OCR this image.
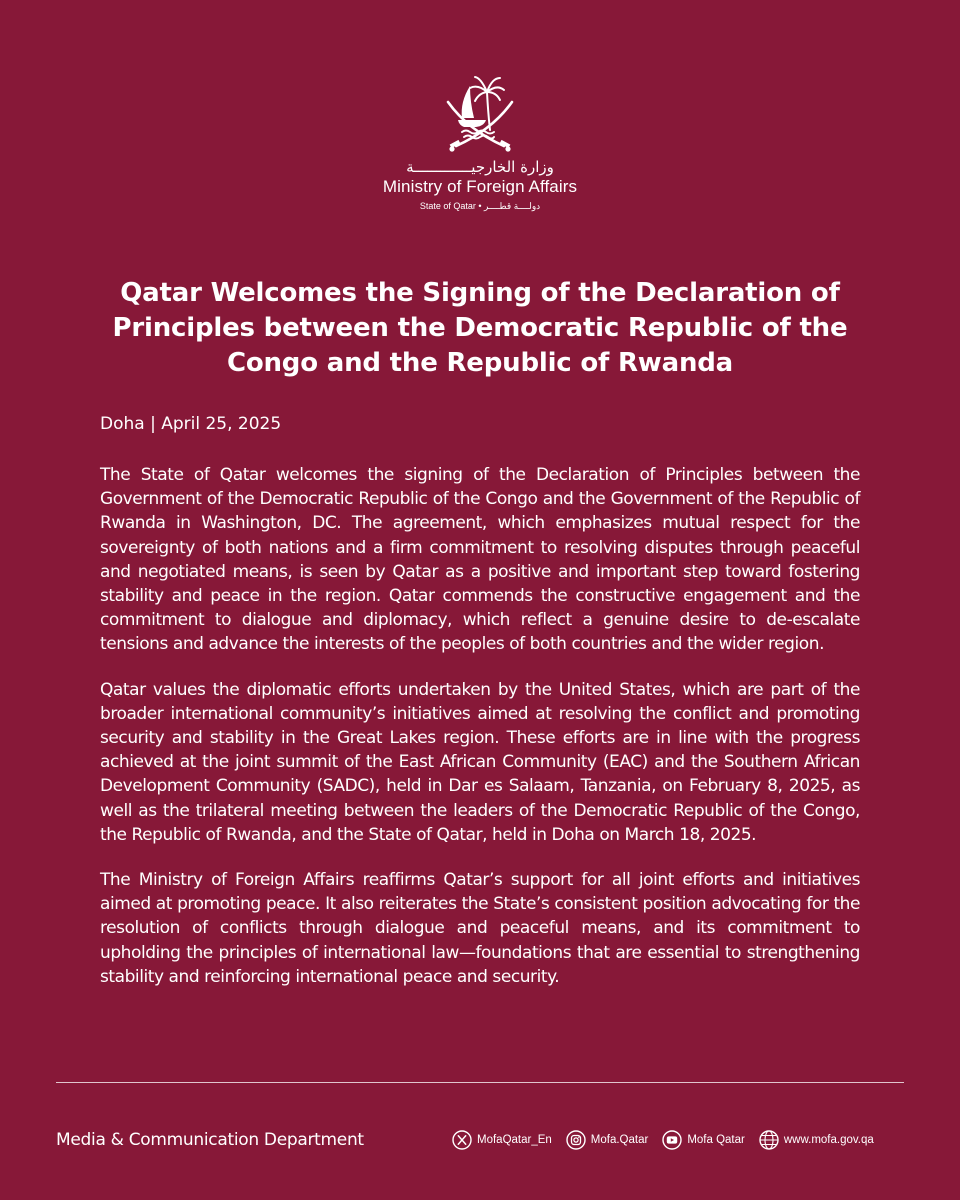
وزارة الخارجيـــــــــــــة
Ministry of Foreign Affairs
State of Qatar • دولــــة قطــــر
Qatar Welcomes the Signing of the Declaration of Principles between the Democratic Republic of the Congo and the Republic of Rwanda
Doha | April 25, 2025

The State of Qatar welcomes the signing of the Declaration of Principles between the Government of the Democratic Republic of the Congo and the Government of the Republic of Rwanda in Washington, DC. The agreement, which emphasizes mutual respect for the sovereignty of both nations and a firm commitment to resolving disputes through peaceful and negotiated means, is seen by Qatar as a positive and important step toward fostering stability and peace in the region. Qatar commends the constructive engagement and the commitment to dialogue and diplomacy, which reflect a genuine desire to de-escalate tensions and advance the interests of the peoples of both countries and the wider region.

Qatar values the diplomatic efforts undertaken by the United States, which are part of the broader international community’s initiatives aimed at resolving the conflict and promoting security and stability in the Great Lakes region. These efforts are in line with the progress achieved at the joint summit of the East African Community (EAC) and the Southern African Development Community (SADC), held in Dar es Salaam, Tanzania, on February 8, 2025, as well as the trilateral meeting between the leaders of the Democratic Republic of the Congo, the Republic of Rwanda, and the State of Qatar, held in Doha on March 18, 2025.

The Ministry of Foreign Affairs reaffirms Qatar’s support for all joint efforts and initiatives aimed at promoting peace. It also reiterates the State’s consistent position advocating for the resolution of conflicts through dialogue and peaceful means, and its commitment to upholding the principles of international law—foundations that are essential to strengthening stability and reinforcing international peace and security.

Media & Communication Department	MofaQatar_En	Mofa.Qatar	Mofa Qatar	www.mofa.gov.qa
